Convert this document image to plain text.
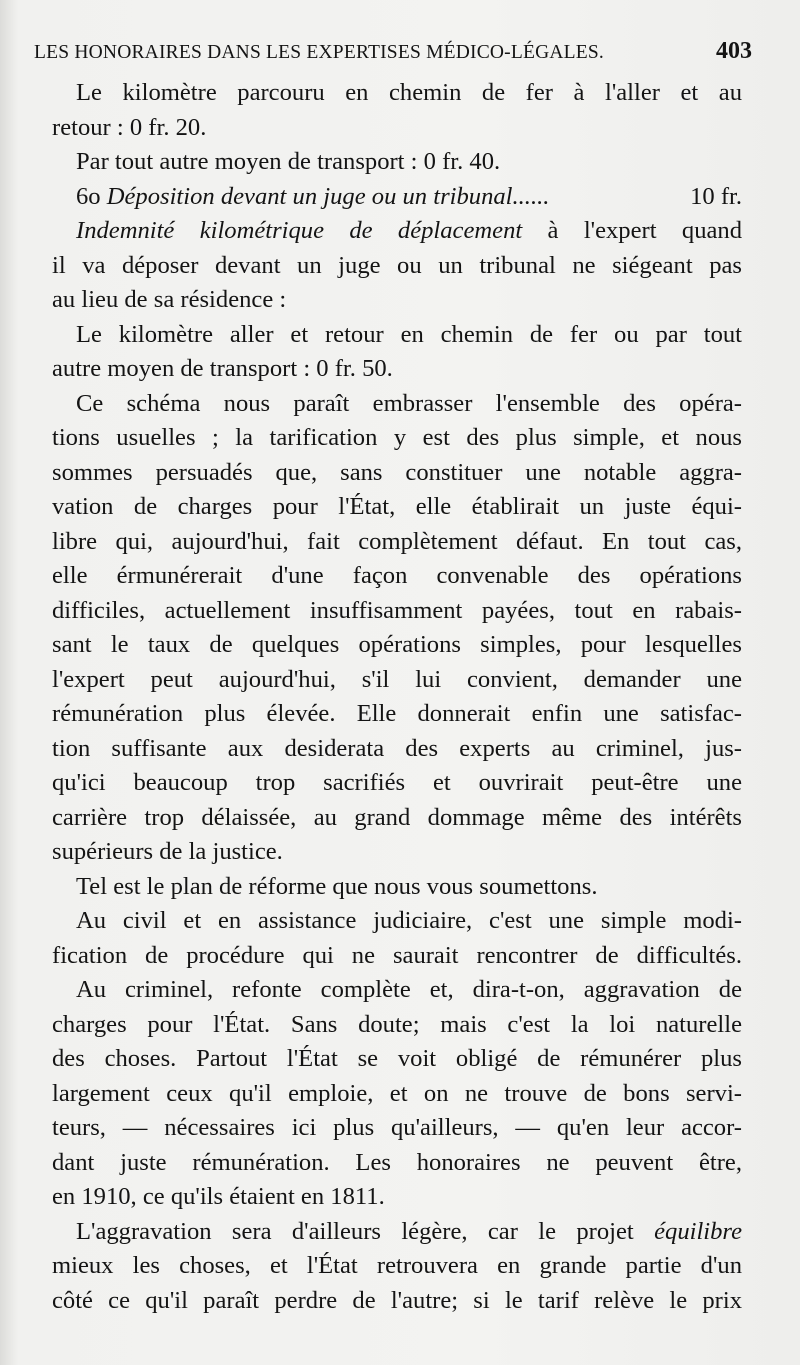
LES HONORAIRES DANS LES EXPERTISES MÉDICO-LÉGALES.	403
Le kilomètre parcouru en chemin de fer à l'aller et au
retour : 0 fr. 20.
Par tout autre moyen de transport : 0 fr. 40.
6o
Déposition devant un juge ou un tribunal......	10 fr.
Indemnité kilométrique de déplacement à l'expert quand
il va déposer devant un juge ou un tribunal ne siégeant pas
au lieu de sa résidence :
Le kilomètre aller et retour en chemin de fer ou par tout
autre moyen de transport : 0 fr. 50.
Ce schéma nous paraît embrasser l'ensemble des opéra-
tions usuelles ; la tarification y est des plus simple, et nous
sommes persuadés que, sans constituer une notable aggra-
vation de charges pour l'État, elle établirait un juste équi-
libre qui, aujourd'hui, fait complètement défaut. En tout cas,
elle érmunérerait d'une façon convenable des opérations
difficiles, actuellement insuffisamment payées, tout en rabais-
sant le taux de quelques opérations simples, pour lesquelles
l'expert peut aujourd'hui, s'il lui convient, demander une
rémunération plus élevée. Elle donnerait enfin une satisfac-
tion suffisante aux desiderata des experts au criminel, jus-
qu'ici beaucoup trop sacrifiés et ouvrirait peut-être une
carrière trop délaissée, au grand dommage même des intérêts
supérieurs de la justice.
Tel est le plan de réforme que nous vous soumettons.
Au civil et en assistance judiciaire, c'est une simple modi-
fication de procédure qui ne saurait rencontrer de difficultés.
Au criminel, refonte complète et, dira-t-on, aggravation de
charges pour l'État. Sans doute; mais c'est la loi naturelle
des choses. Partout l'État se voit obligé de rémunérer plus
largement ceux qu'il emploie, et on ne trouve de bons servi-
teurs, — nécessaires ici plus qu'ailleurs, — qu'en leur accor-
dant juste rémunération. Les honoraires ne peuvent être,
en 1910, ce qu'ils étaient en 1811.
L'aggravation sera d'ailleurs légère, car le projet équilibre
mieux les choses, et l'État retrouvera en grande partie d'un
côté ce qu'il paraît perdre de l'autre; si le tarif relève le prix
